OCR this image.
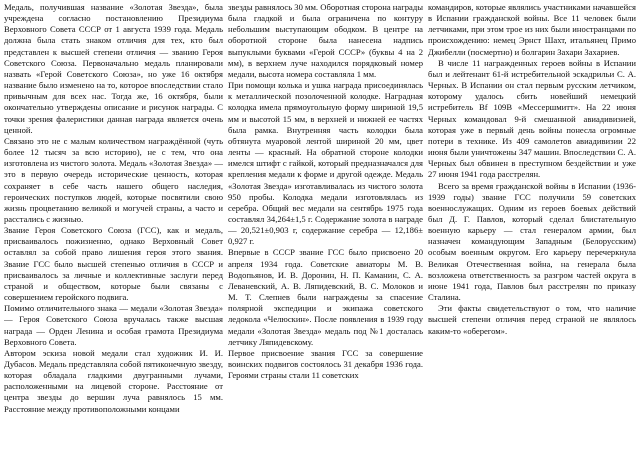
Медаль, получившая название «Золотая Звезда», была учреждена согласно постановлению Президиума Верховного Совета СССР от 1 августа 1939 года. Медаль должна была стать знаком отличия для тех, кто был представлен к высшей степени отличия — званию Героя Советского Союза. Первоначально медаль планировали назвать «Герой Советского Союза», но уже 16 октября название было изменено на то, которое впоследствии стало привычным для всех нас. Тогда же, 16 октября, были окончательно утверждены описание и рисунок награды. С точки зрения фалеристики данная награда является очень ценной.

Связано это не с малым количеством награждённой (чуть более 12 тысяч за всю историю), не с тем, что она изготовлена из чистого золота. Медаль «Золотая Звезда» — это в первую очередь исторические ценность, которая сохраняет в себе часть нашего общего наследия, героических поступков людей, которые посвятили свою жизнь процветанию великой и могучей страны, а часто и расстались с жизнью.

Звание Героя Советского Союза (ГСС), как и медаль, присваивалось пожизненно, однако Верховный Совет оставлял за собой право лишения героя этого звания. Звание ГСС было высшей степенью отличия в СССР и присваивалось за личные и коллективные заслуги перед страной и обществом, которые были связаны с совершением геройского подвига.

Помимо отличительного знака — медали «Золотая Звезда» — Героя Советского Союза вручалась также высшая награда — Орден Ленина и особая грамота Президиума Верховного Совета.

Автором эскиза новой медали стал художник И. И. Дубасов. Медаль представляла собой пятиконечную звезду, которая обладала гладкими двугранными лучами, расположенными на лицевой стороне. Расстояние от центра звезды до вершин луча равнялось 15 мм. Расстояние между противоположными концами

звезды равнялось 30 мм. Оборотная сторона награды была гладкой и была ограничена по контуру небольшим выступающим ободком. В центре на оборотной стороне была нанесена надпись выпуклыми буквами «Герой СССР» (буквы 4 на 2 мм), в верхнем луче находился порядковый номер медали, высота номера составляла 1 мм.

При помощи колька и ушка награда присоединялась к металлической позолоченной колодке. Наградная колодка имела прямоугольную форму шириной 19,5 мм и высотой 15 мм, в верхней и нижней ее частях была рамка. Внутренняя часть колодки была обтянута муаровой лентой шириной 20 мм, цвет ленты — красный. На обратной стороне колодки имелся штифт с гайкой, который предназначался для крепления медали к форме и другой одежде. Медаль «Золотая Звезда» изготавливалась из чистого золота 950 пробы. Колодка медали изготовлялась из серебра. Общий вес медали на сентябрь 1975 года составлял 34,264±1,5 г. Содержание золота в награде — 20,521±0,903 г, содержание серебра — 12,186± 0,927 г.

Впервые в СССР звание ГСС было присвоено 20 апреля 1934 года. Советские авиаторы М. В. Водопьянов, И. В. Доронин, Н. П. Каманин, С. А. Леваневский, А. В. Ляпидевский, В. С. Молоков и М. Т. Слепнев были награждены за спасение полярной экспедиции и экипажа советского ледокола «Челюскин». После появления в 1939 году медали «Золотая Звезда» медаль под №1 досталась летчику Ляпидевскому.

Первое присвоение звания ГСС за совершение воинских подвигов состоялось 31 декабря 1936 года. Героями страны стали 11 советских

командиров, которые являлись участниками начавшейся в Испании гражданской войны. Все 11 человек были летчиками, при этом трое из них были иностранцами по происхождению: немец Эрнст Шахт, итальянец Примо Джибелли (посмертно) и болгарин Захари Захариев.

В числе 11 награжденных героев войны в Испании был и лейтенант 61-й истребительной эскадрильи С. А. Черных. В Испании он стал первым русским летчиком, которому удалось сбить новейший немецкий истребитель Bf 109B «Мессершмитт». На 22 июня Черных командовал 9-й смешанной авиадивизией, которая уже в первый день войны понесла огромные потери в технике. Из 409 самолетов авиадивизии 22 июня были уничтожены 347 машин. Впоследствии С. А. Черных был обвинен в преступном бездействии и уже 27 июня 1941 года расстрелян.

Всего за время гражданской войны в Испании (1936-1939 годы) звание ГСС получили 59 советских военнослужащих. Одним из героев боевых действий был Д. Г. Павлов, который сделал блистательную военную карьеру — стал генералом армии, был назначен командующим Западным (Белорусским) особым военным округом. Его карьеру перечеркнула Великая Отечественная война, на генерала была возложена ответственность за разгром частей округа в июне 1941 года, Павлов был расстрелян по приказу Сталина.

Эти факты свидетельствуют о том, что наличие высшей степени отличия перед страной не являлось каким-то «оберегом».
